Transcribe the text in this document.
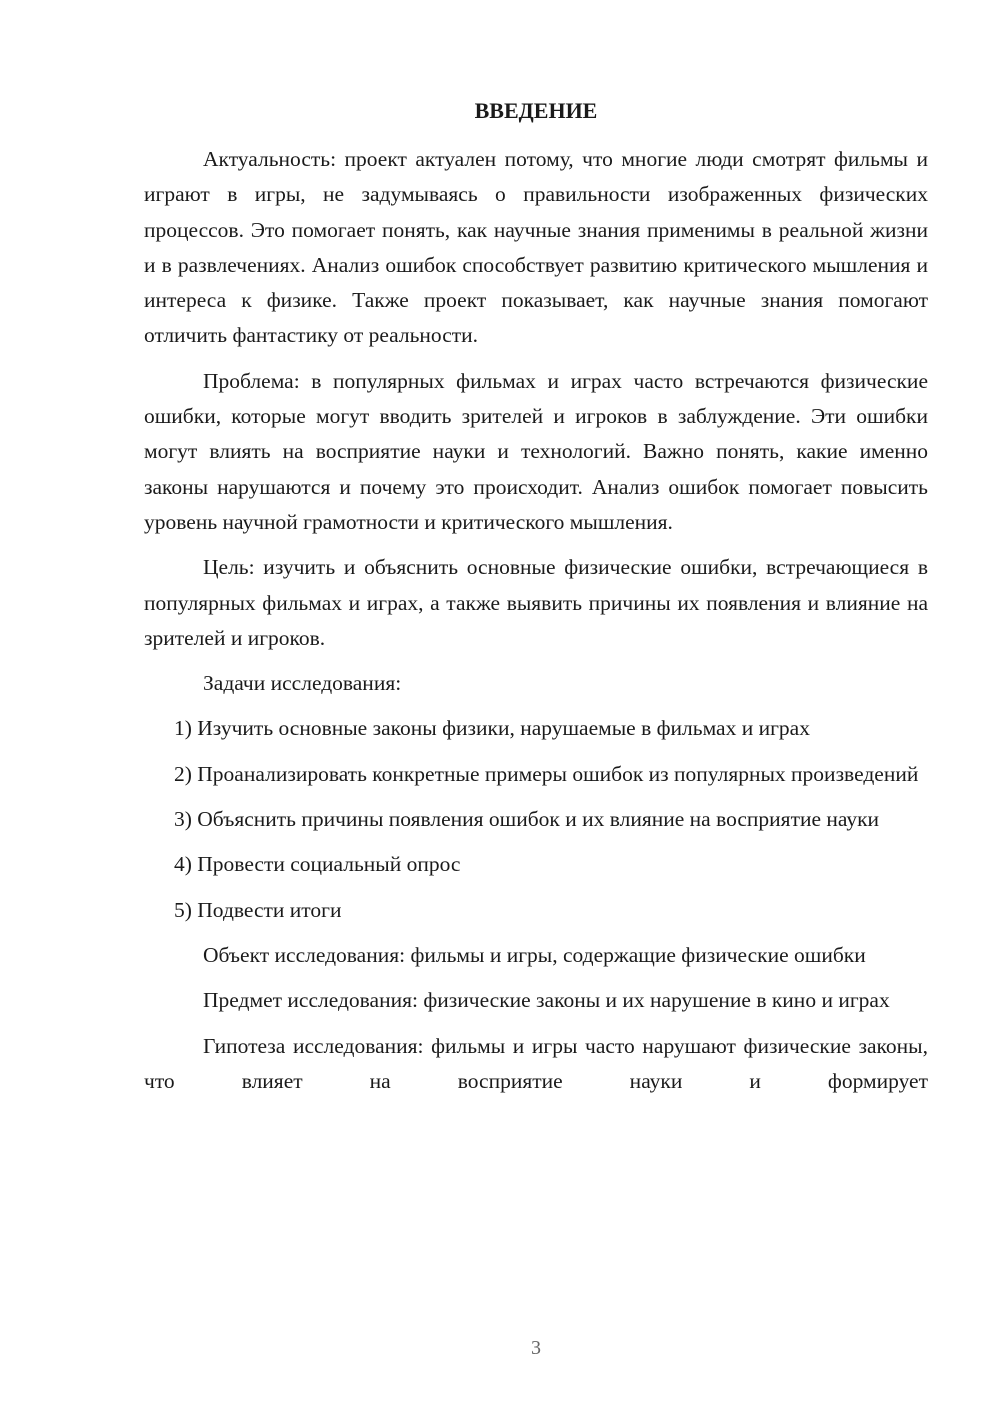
ВВЕДЕНИЕ

Актуальность: проект актуален потому, что многие люди смотрят фильмы и играют в игры, не задумываясь о правильности изображенных физических процессов. Это помогает понять, как научные знания применимы в реальной жизни и в развлечениях. Анализ ошибок способствует развитию критического мышления и интереса к физике. Также проект показывает, как научные знания помогают отличить фантастику от реальности.

Проблема: в популярных фильмах и играх часто встречаются физические ошибки, которые могут вводить зрителей и игроков в заблуждение. Эти ошибки могут влиять на восприятие науки и технологий. Важно понять, какие именно законы нарушаются и почему это происходит. Анализ ошибок помогает повысить уровень научной грамотности и критического мышления.

Цель: изучить и объяснить основные физические ошибки, встречающиеся в популярных фильмах и играх, а также выявить причины их появления и влияние на зрителей и игроков.

Задачи исследования:

1) Изучить основные законы физики, нарушаемые в фильмах и играх

2) Проанализировать конкретные примеры ошибок из популярных произведений

3) Объяснить причины появления ошибок и их влияние на восприятие науки

4) Провести социальный опрос

5) Подвести итоги

Объект исследования: фильмы и игры, содержащие физические ошибки

Предмет исследования: физические законы и их нарушение в кино и играх

Гипотеза исследования: фильмы и игры часто нарушают физические законы, что влияет на восприятие науки и формирует

3
